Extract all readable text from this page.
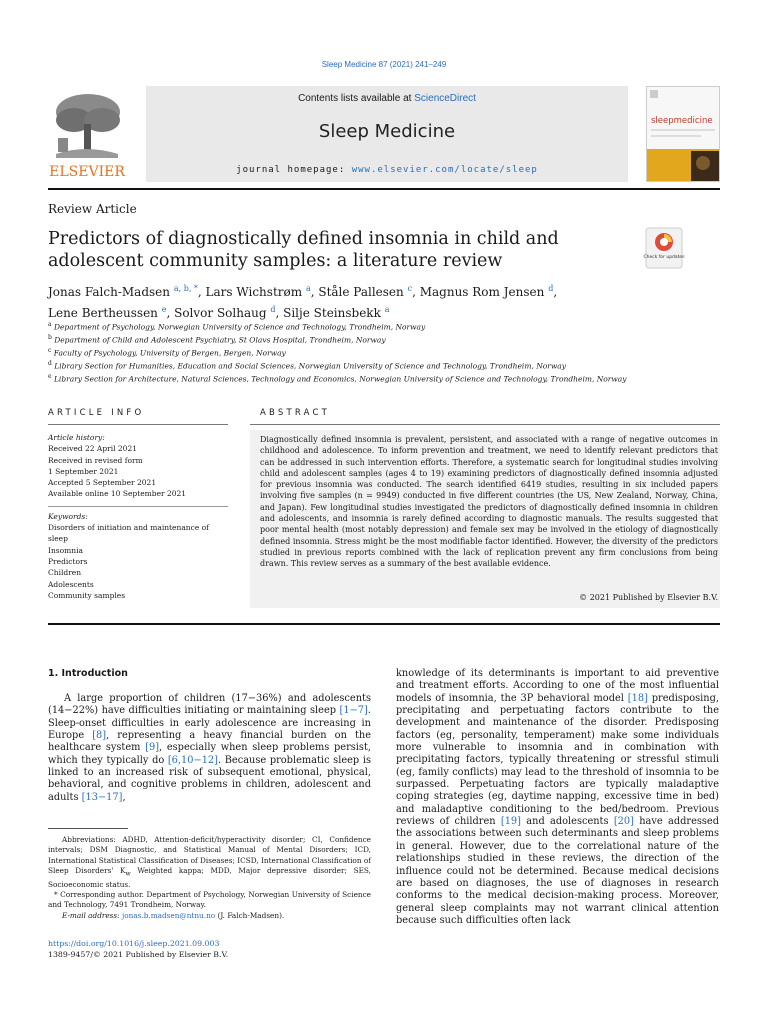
Sleep Medicine 87 (2021) 241–249
Contents lists available at ScienceDirect
Sleep Medicine
journal homepage: www.elsevier.com/locate/sleep
ELSEVIER
sleepmedicine
Review Article
Predictors of diagnostically defined insomnia in child and adolescent community samples: a literature review	Check for updates
Jonas Falch-Madsen $^{a, b, *}$, Lars Wichstrøm $^a$, Ståle Pallesen $^c$, Magnus Rom Jensen $^d$,
Lene Bertheussen $^e$, Solvor Solhaug $^d$, Silje Steinsbekk $^a$
$^a$ Department of Psychology, Norwegian University of Science and Technology, Trondheim, Norway
$^b$ Department of Child and Adolescent Psychiatry, St Olavs Hospital, Trondheim, Norway
$^c$ Faculty of Psychology, University of Bergen, Bergen, Norway
$^d$ Library Section for Humanities, Education and Social Sciences, Norwegian University of Science and Technology, Trondheim, Norway
$^e$ Library Section for Architecture, Natural Sciences, Technology and Economics, Norwegian University of Science and Technology, Trondheim, Norway
ARTICLE INFO	ABSTRACT
Article history:
Received 22 April 2021
Received in revised form
1 September 2021
Accepted 5 September 2021
Available online 10 September 2021
Keywords:
Disorders of initiation and maintenance of
sleep
Insomnia
Predictors
Children
Adolescents
Community samples
Diagnostically defined insomnia is prevalent, persistent, and associated with a range of negative outcomes in childhood and adolescence. To inform prevention and treatment, we need to identify relevant predictors that can be addressed in such intervention efforts. Therefore, a systematic search for longitudinal studies involving child and adolescent samples (ages 4 to 19) examining predictors of diagnostically defined insomnia adjusted for previous insomnia was conducted. The search identified 6419 studies, resulting in six included papers involving five samples (n = 9949) conducted in five different countries (the US, New Zealand, Norway, China, and Japan). Few longitudinal studies investigated the predictors of diagnostically defined insomnia in children and adolescents, and insomnia is rarely defined according to diagnostic manuals. The results suggested that poor mental health (most notably depression) and female sex may be involved in the etiology of diagnostically defined insomnia. Stress might be the most modifiable factor identified. However, the diversity of the predictors studied in previous reports combined with the lack of replication prevent any firm conclusions from being drawn. This review serves as a summary of the best available evidence.
© 2021 Published by Elsevier B.V.
1. Introduction
A large proportion of children (17−36%) and adolescents (14−22%) have difficulties initiating or maintaining sleep [1−7]. Sleep-onset difficulties in early adolescence are increasing in Europe [8], representing a heavy financial burden on the healthcare system [9], especially when sleep problems persist, which they typically do [6,10−12]. Because problematic sleep is linked to an increased risk of subsequent emotional, physical, behavioral, and cognitive problems in children, adolescent and adults [13−17],
knowledge of its determinants is important to aid preventive and treatment efforts. According to one of the most influential models of insomnia, the 3P behavioral model [18] predisposing, precipitating and perpetuating factors contribute to the development and maintenance of the disorder. Predisposing factors (eg, personality, temperament) make some individuals more vulnerable to insomnia and in combination with precipitating factors, typically threatening or stressful stimuli (eg, family conflicts) may lead to the threshold of insomnia to be surpassed. Perpetuating factors are typically maladaptive coping strategies (eg, daytime napping, excessive time in bed) and maladaptive conditioning to the bed/bedroom. Previous reviews of children [19] and adolescents [20] have addressed the associations between such determinants and sleep problems in general. However, due to the correlational nature of the relationships studied in these reviews, the direction of the influence could not be determined. Because medical decisions are based on diagnoses, the use of diagnoses in research conforms to the medical decision-making process. Moreover, general sleep complaints may not warrant clinical attention because such difficulties often lack
Abbreviations: ADHD, Attention-deficit/hyperactivity disorder; CI, Confidence intervals; DSM Diagnostic, and Statistical Manual of Mental Disorders; ICD, International Statistical Classification of Diseases; ICSD, International Classification of Sleep Disorders' $K_w$ Weighted kappa; MDD, Major depressive disorder; SES, Socioeconomic status.
* Corresponding author. Department of Psychology, Norwegian University of Science and Technology, 7491 Trondheim, Norway.
E-mail address: jonas.b.madsen@ntnu.no (J. Falch-Madsen).
https://doi.org/10.1016/j.sleep.2021.09.003
1389-9457/© 2021 Published by Elsevier B.V.
